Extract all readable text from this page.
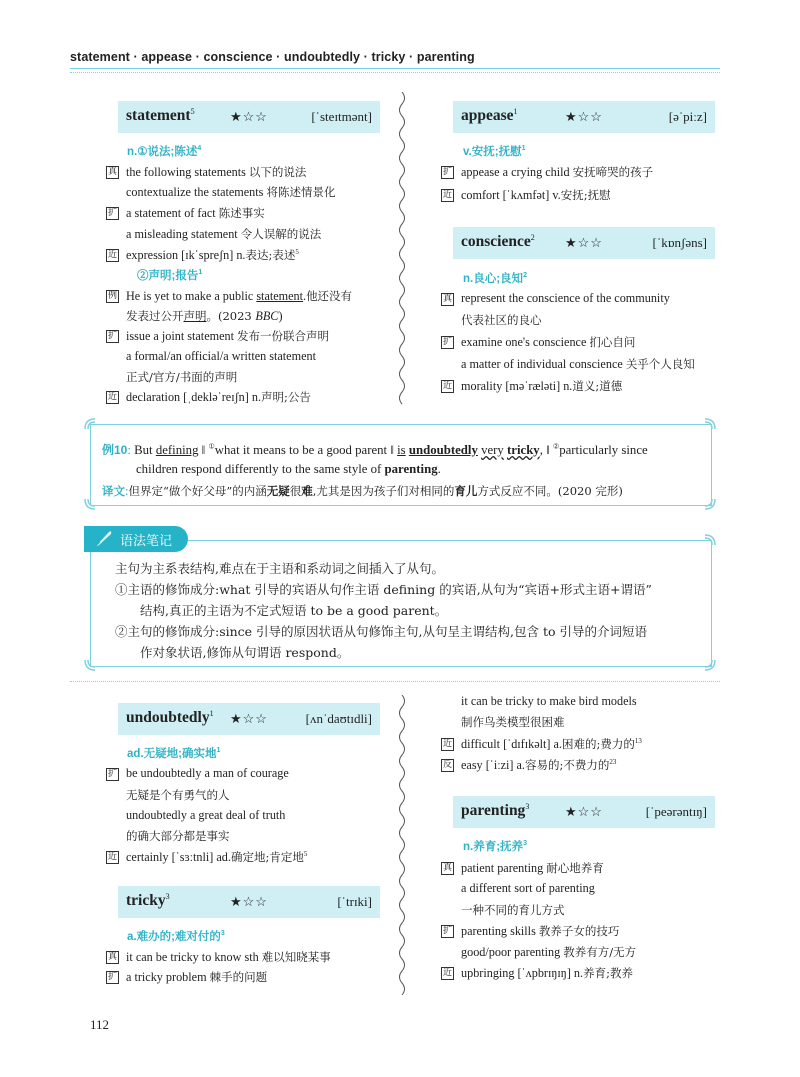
statement · appease · conscience · undoubtedly · tricky · parenting
statement$^5$	★☆☆	[ˈsteɪtmənt]
n.①说法;陈述$^4$
真 the following statements 以下的说法
contextualize the statements 将陈述情景化
扩 a statement of fact 陈述事实
a misleading statement 令人误解的说法
近 expression [ɪkˈspreʃn] n.表达;表述$^5$
②声明;报告$^1$
例 He is yet to make a public statement.他还没有
发表过公开声明。(2023 BBC)
扩 issue a joint statement 发布一份联合声明
a formal/an official/a written statement
正式/官方/书面的声明
近 declaration [ˌdekləˈreɪʃn] n.声明;公告
appease$^1$	★☆☆	[əˈpiːz]
v.安抚;抚慰$^1$
扩 appease a crying child 安抚啼哭的孩子
近 comfort [ˈkʌmfət] v.安抚;抚慰
conscience$^2$ ★☆☆	[ˈkɒnʃəns]
n.良心;良知$^2$
真 represent the conscience of the community
代表社区的良心
扩 examine one's conscience 扪心自问
a matter of individual conscience 关乎个人良知
近 morality [məˈræləti] n.道义;道德
例10: But defining ‖ ①what it means to be a good parent ‖ is undoubtedly very tricky, ‖ ②particularly since
children respond differently to the same style of parenting.
译文:但界定“做个好父母”的内涵无疑很难,尤其是因为孩子们对相同的育儿方式反应不同。(2020 完形)
语法笔记
主句为主系表结构,难点在于主语和系动词之间插入了从句。
①主语的修饰成分:what 引导的宾语从句作主语 defining 的宾语,从句为“宾语+形式主语+谓语”
结构,真正的主语为不定式短语 to be a good parent。
②主句的修饰成分:since 引导的原因状语从句修饰主句,从句呈主谓结构,包含 to 引导的介词短语
作对象状语,修饰从句谓语 respond。
undoubtedly$^1$ ★☆☆	[ʌnˈdaʊtɪdli]
ad.无疑地;确实地$^1$
扩 be undoubtedly a man of courage
无疑是个有勇气的人
undoubtedly a great deal of truth
的确大部分都是事实
近 certainly [ˈsɜːtnli] ad.确定地;肯定地$^5$
tricky$^3$	★☆☆	[ˈtrɪki]
a.难办的;难对付的$^3$
真 it can be tricky to know sth 难以知晓某事
扩 a tricky problem 棘手的问题
it can be tricky to make bird models
制作鸟类模型很困难
近 difficult [ˈdɪfɪkəlt] a.困难的;费力的$^{13}$
反 easy [ˈiːzi] a.容易的;不费力的$^{23}$
parenting$^3$	★☆☆	[ˈpeərəntɪŋ]
n.养育;抚养$^3$
真 patient parenting 耐心地养育
a different sort of parenting
一种不同的育儿方式
扩 parenting skills 教养子女的技巧
good/poor parenting 教养有方/无方
近 upbringing [ˈʌpbrɪŋɪŋ] n.养育;教养
112
